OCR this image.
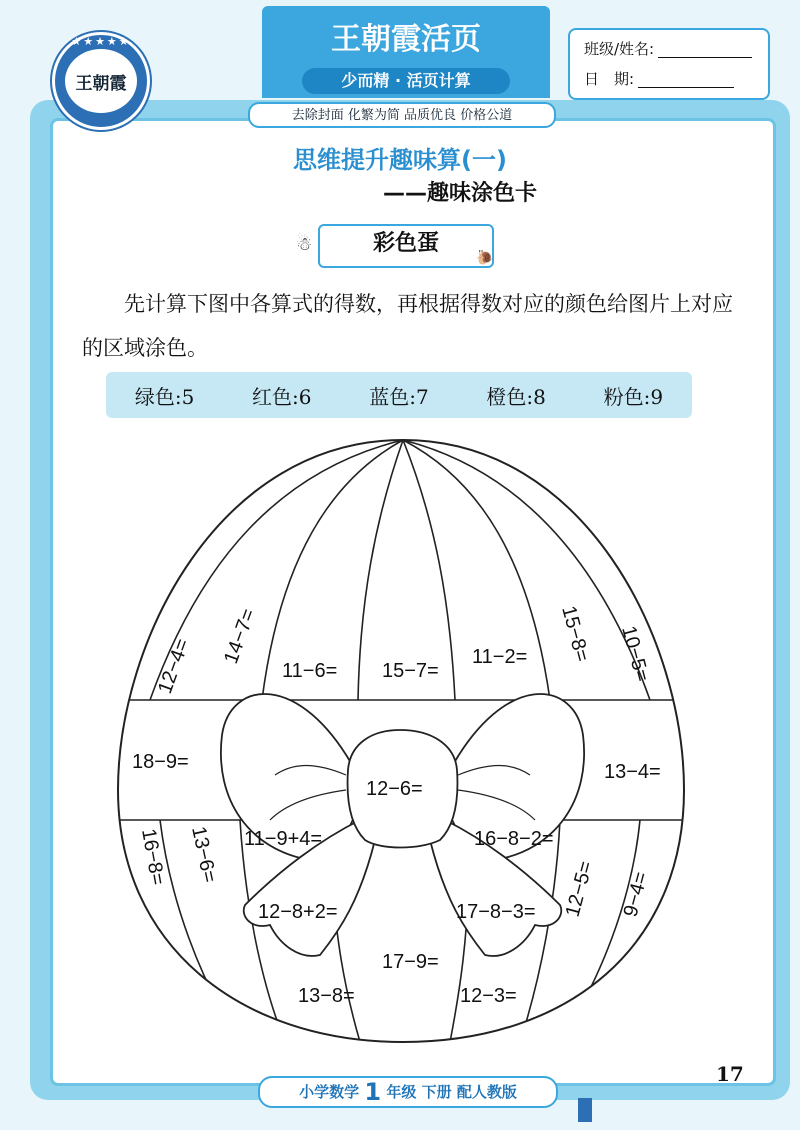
★★★★★
王朝霞
王朝霞活页
少而精 · 活页计算
去除封面 化繁为简 品质优良 价格公道
班级/姓名:
日　期:
思维提升趣味算(一)
——趣味涂色卡
彩色蛋
☃
🐌

先计算下图中各算式的得数，再根据得数对应的颜色给图片上对应的区域涂色。

绿色:5	红色:6	蓝色:7	橙色:8	粉色:9
12−4= 14−7=
11−6= 15−7=
11−2= 15−8= 10−5=
18−9=
12−6=
13−4=
16−8= 13−6= 11−9+4=	16−8−2=
12−5= 9−4=
12−8+2=	17−8−3=
17−9=
13−8=	12−3=
小学数学 1 年级 下册 配人教版
17
